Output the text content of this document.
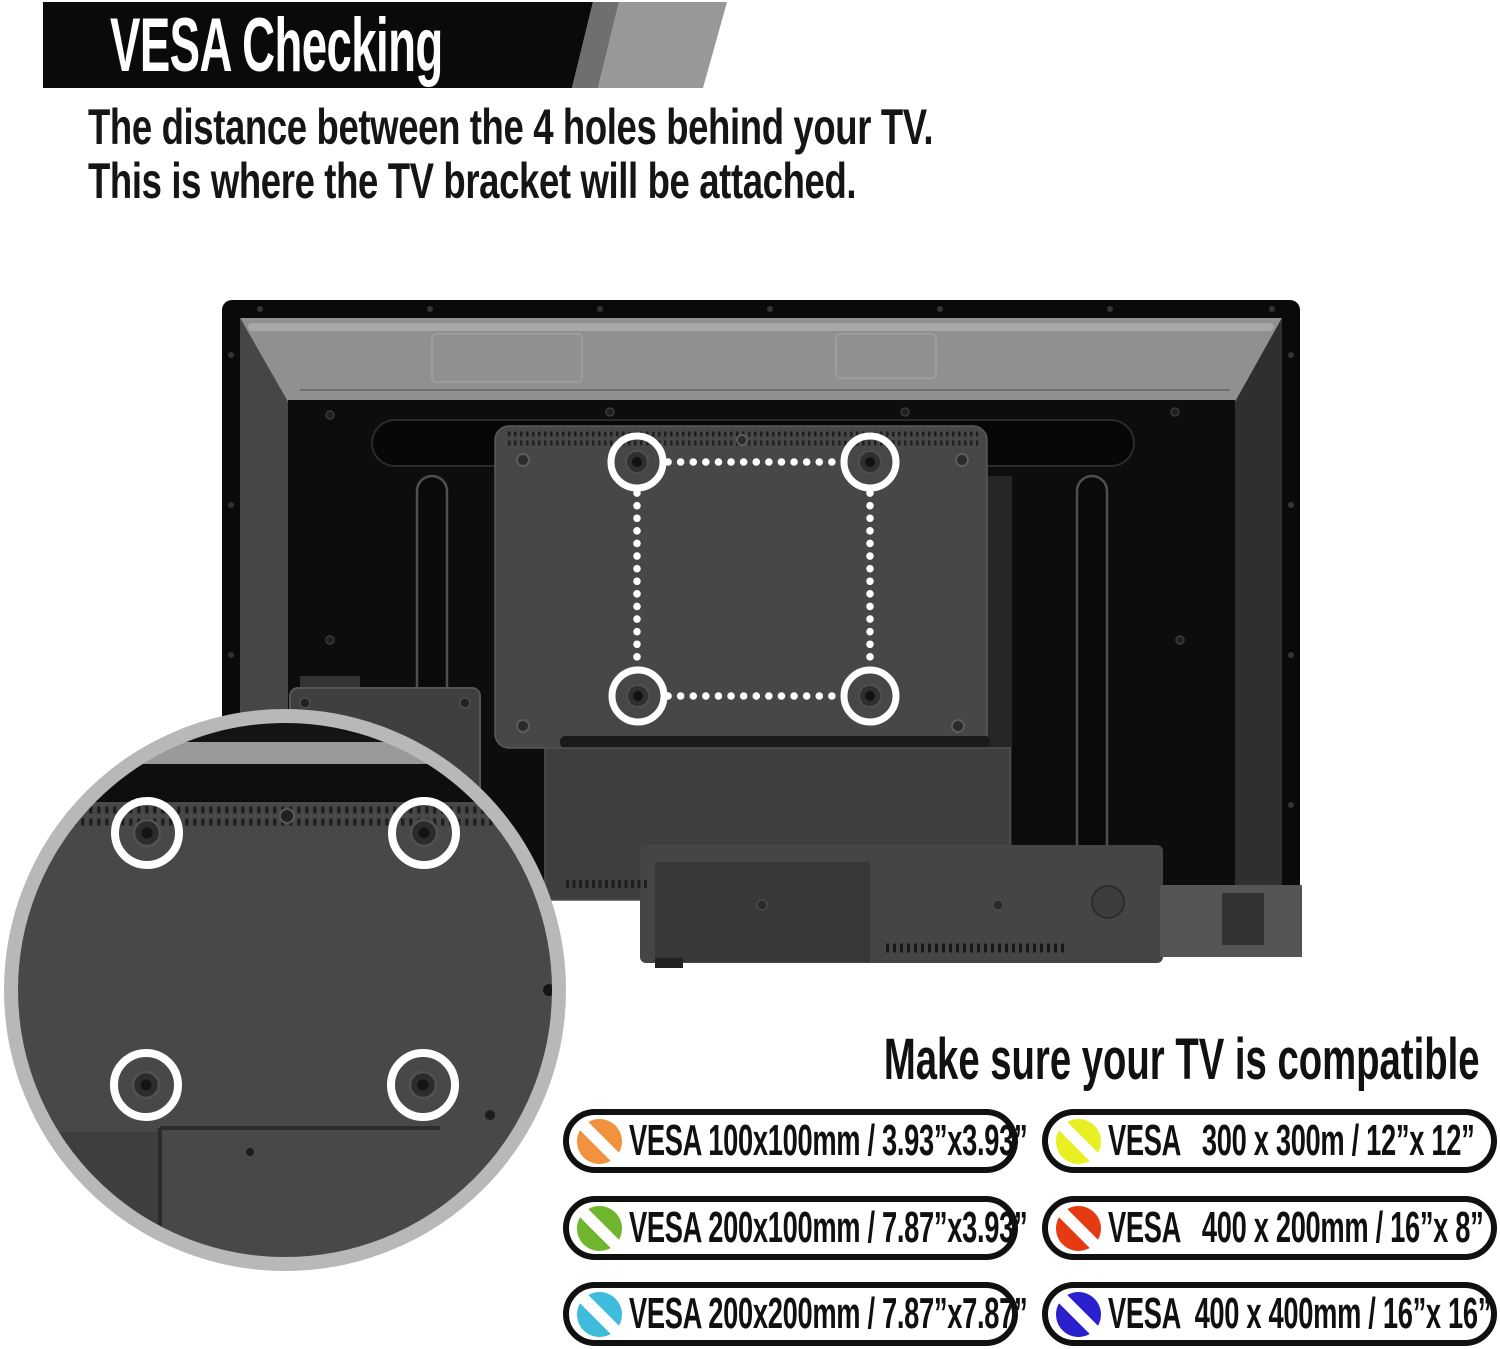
VESA Checking
The distance between the 4 holes behind your TV.
This is where the TV bracket will be attached.
Make sure your TV is compatible
VESA 100x100mm / 3.93”x3.93”
VESA 200x100mm / 7.87”x3.93”
VESA 200x200mm / 7.87”x7.87”
VESA   300 x 300m / 12”x 12”
VESA   400 x 200mm / 16”x 8”
VESA  400 x 400mm / 16”x 16”
